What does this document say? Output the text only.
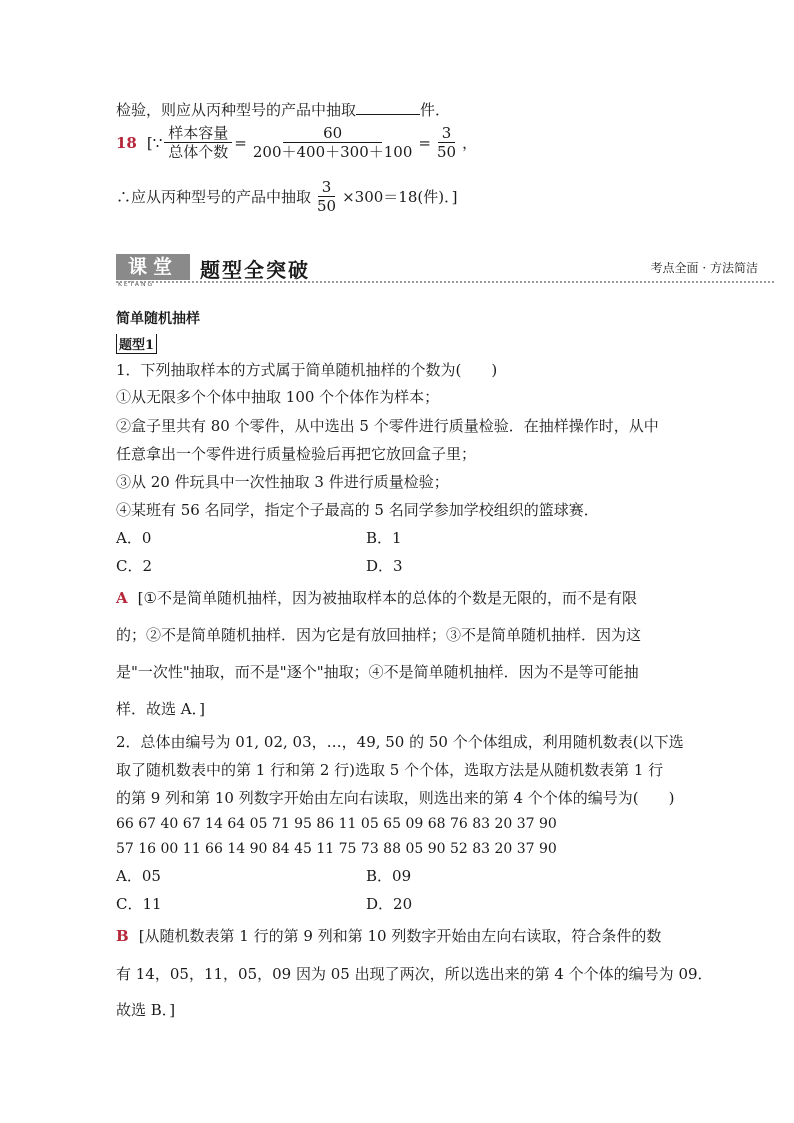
检验，则应从丙种型号的产品中抽取	件．
18 [∵ $\frac{\text{样本容量}}{\text{总体个数}} = \frac{60}{200+400+300+100} = \frac{3}{50}$ ，
∴应从丙种型号的产品中抽取 $\frac{3}{50} \times 300=18$(件)．]
课堂
KETANG
题型全突破	考点全面 · 方法简洁
简单随机抽样
题型1
1．下列抽取样本的方式属于简单随机抽样的个数为(　　)
①从无限多个个体中抽取 100 个个体作为样本；
②盒子里共有 80 个零件，从中选出 5 个零件进行质量检验．在抽样操作时，从中
任意拿出一个零件进行质量检验后再把它放回盒子里；
③从 20 件玩具中一次性抽取 3 件进行质量检验；
④某班有 56 名同学，指定个子最高的 5 名同学参加学校组织的篮球赛．
A．0	B．1
C．2	D．3
A [①不是简单随机抽样，因为被抽取样本的总体的个数是无限的，而不是有限
的；②不是简单随机抽样．因为它是有放回抽样；③不是简单随机抽样．因为这
是"一次性"抽取，而不是"逐个"抽取；④不是简单随机抽样．因为不是等可能抽
样．故选 A．]
2．总体由编号为 01, 02, 03，…，49, 50 的 50 个个体组成，利用随机数表(以下选
取了随机数表中的第 1 行和第 2 行)选取 5 个个体，选取方法是从随机数表第 1 行
的第 9 列和第 10 列数字开始由左向右读取，则选出来的第 4 个个体的编号为(　　)
66 67 40 67 14 64 05 71 95 86 11 05 65 09 68 76 83 20 37 90
57 16 00 11 66 14 90 84 45 11 75 73 88 05 90 52 83 20 37 90
A．05	B．09
C．11	D．20
B [从随机数表第 1 行的第 9 列和第 10 列数字开始由左向右读取，符合条件的数
有 14，05，11，05，09 因为 05 出现了两次，所以选出来的第 4 个个体的编号为 09．
故选 B．]
